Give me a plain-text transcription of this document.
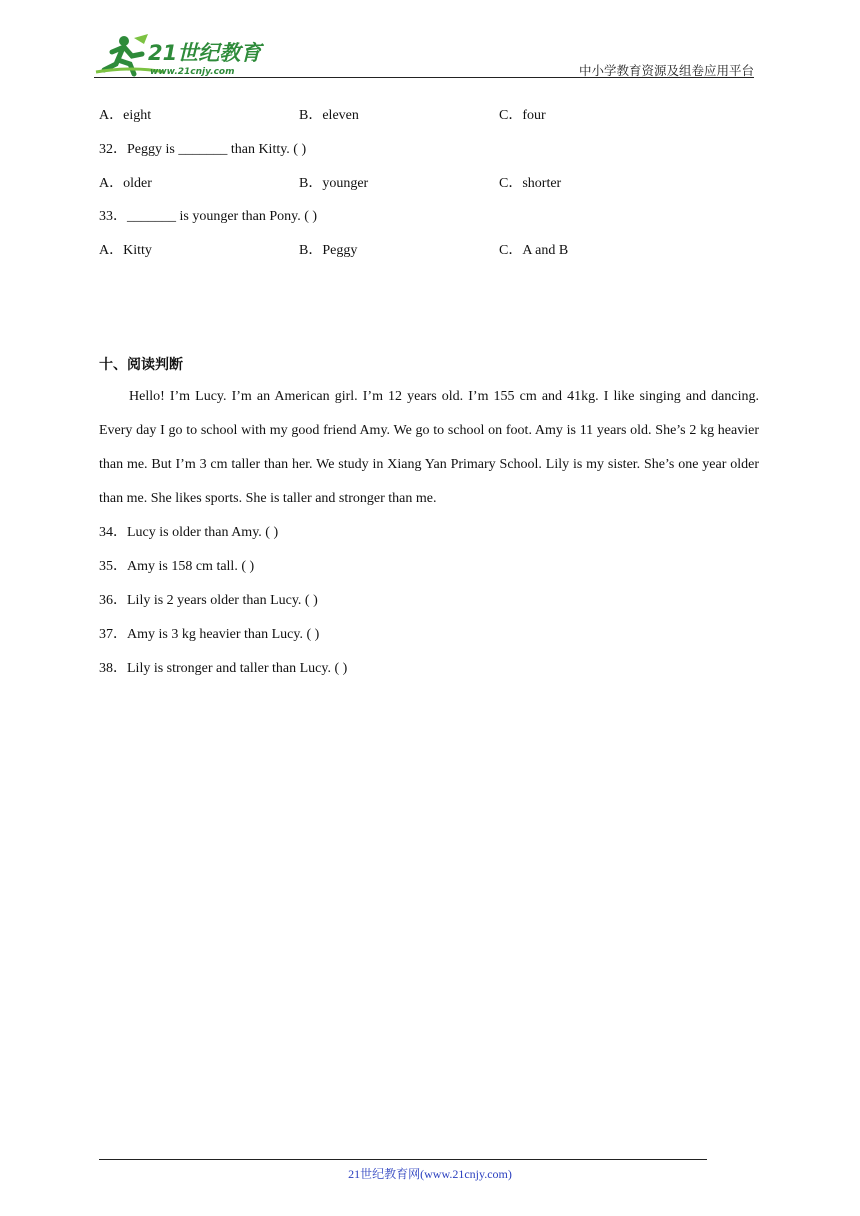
21世纪教育
www.21cnjy.com	中小学教育资源及组卷应用平台
A．eight	B．eleven	C．four
32．Peggy is _______ than Kitty. ( )
A．older	B．younger	C．shorter
33．_______ is younger than Pony. ( )
A．Kitty	B．Peggy	C．A and B
十、阅读判断
Hello! I’m Lucy. I’m an American girl. I’m 12 years old. I’m 155 cm and 41kg. I like singing and dancing. Every day I go to school with my good friend Amy. We go to school on foot. Amy is 11 years old. She’s 2 kg heavier than me. But I’m 3 cm taller than her. We study in Xiang Yan Primary School. Lily is my sister. She’s one year older than me. She likes sports. She is taller and stronger than me.
34．Lucy is older than Amy. ( )
35．Amy is 158 cm tall. ( )
36．Lily is 2 years older than Lucy. ( )
37．Amy is 3 kg heavier than Lucy. ( )
38．Lily is stronger and taller than Lucy. ( )
21世纪教育网(www.21cnjy.com)
